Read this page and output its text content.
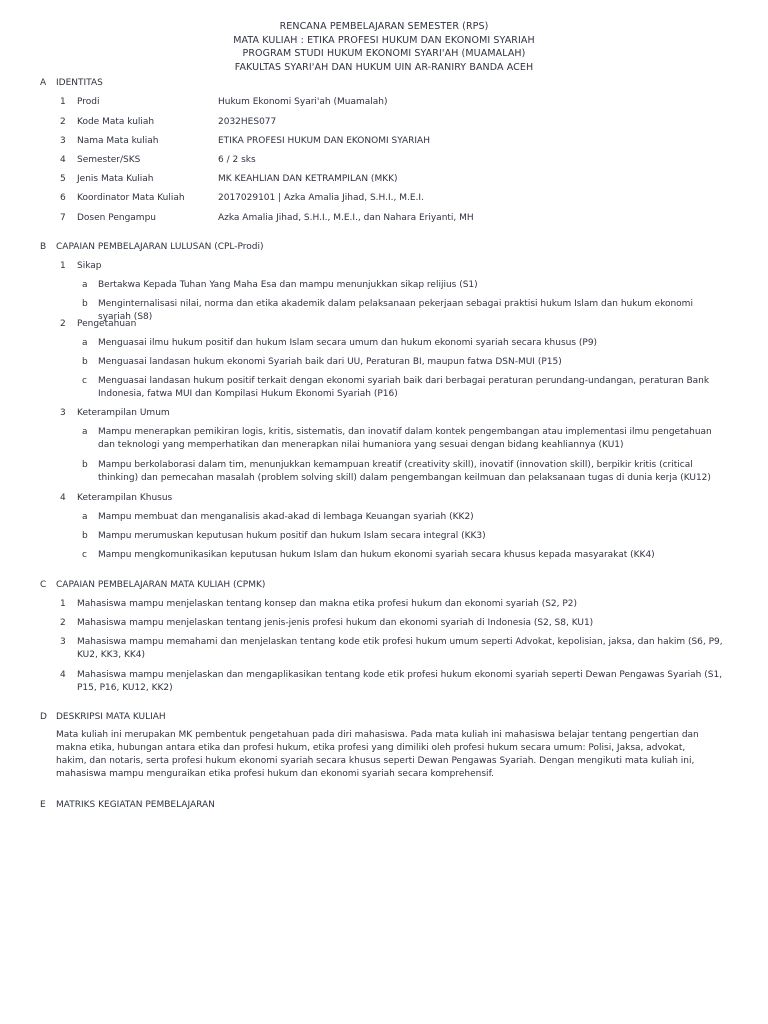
RENCANA PEMBELAJARAN SEMESTER (RPS)
MATA KULIAH : ETIKA PROFESI HUKUM DAN EKONOMI SYARIAH
PROGRAM STUDI HUKUM EKONOMI SYARI'AH (MUAMALAH)
FAKULTAS SYARI'AH DAN HUKUM UIN AR-RANIRY BANDA ACEH
A	IDENTITAS
1	Prodi	Hukum Ekonomi Syari'ah (Muamalah)
2	Kode Mata kuliah	2032HES077
3	Nama Mata kuliah	ETIKA PROFESI HUKUM DAN EKONOMI SYARIAH
4	Semester/SKS	6 / 2 sks
5	Jenis Mata Kuliah	MK KEAHLIAN DAN KETRAMPILAN (MKK)
6	Koordinator Mata Kuliah	2017029101 | Azka Amalia Jihad, S.H.I., M.E.I.
7	Dosen Pengampu	Azka Amalia Jihad, S.H.I., M.E.I., dan Nahara Eriyanti, MH
B	CAPAIAN PEMBELAJARAN LULUSAN (CPL-Prodi)
1	Sikap
a	Bertakwa Kepada Tuhan Yang Maha Esa dan mampu menunjukkan sikap relijius (S1)
b	Menginternalisasi nilai, norma dan etika akademik dalam pelaksanaan pekerjaan sebagai praktisi hukum Islam dan hukum ekonomi syariah (S8)
2	Pengetahuan
a	Menguasai ilmu hukum positif dan hukum Islam secara umum dan hukum ekonomi syariah secara khusus (P9)
b	Menguasai landasan hukum ekonomi Syariah baik dari UU, Peraturan BI, maupun fatwa DSN-MUI (P15)
c	Menguasai landasan hukum positif terkait dengan ekonomi syariah baik dari berbagai peraturan perundang-undangan, peraturan Bank Indonesia, fatwa MUI dan Kompilasi Hukum Ekonomi Syariah (P16)
3	Keterampilan Umum
a	Mampu menerapkan pemikiran logis, kritis, sistematis, dan inovatif dalam kontek pengembangan atau implementasi ilmu pengetahuan dan teknologi yang memperhatikan dan menerapkan nilai humaniora yang sesuai dengan bidang keahliannya (KU1)
b	Mampu berkolaborasi dalam tim, menunjukkan kemampuan kreatif (creativity skill), inovatif (innovation skill), berpikir kritis (critical thinking) dan pemecahan masalah (problem solving skill) dalam pengembangan keilmuan dan pelaksanaan tugas di dunia kerja (KU12)
4	Keterampilan Khusus
a	Mampu membuat dan menganalisis akad-akad di lembaga Keuangan syariah (KK2)
b	Mampu merumuskan keputusan hukum positif dan hukum Islam secara integral (KK3)
c	Mampu mengkomunikasikan keputusan hukum Islam dan hukum ekonomi syariah secara khusus kepada masyarakat (KK4)
C	CAPAIAN PEMBELAJARAN MATA KULIAH (CPMK)
1	Mahasiswa mampu menjelaskan tentang konsep dan makna etika profesi hukum dan ekonomi syariah (S2, P2)
2	Mahasiswa mampu menjelaskan tentang jenis-jenis profesi hukum dan ekonomi syariah di Indonesia (S2, S8, KU1)
3	Mahasiswa mampu memahami dan menjelaskan tentang kode etik profesi hukum umum seperti Advokat, kepolisian, jaksa, dan hakim (S6, P9, KU2, KK3, KK4)
4	Mahasiswa mampu menjelaskan dan mengaplikasikan tentang kode etik profesi hukum ekonomi syariah seperti Dewan Pengawas Syariah (S1, P15, P16, KU12, KK2)
D	DESKRIPSI MATA KULIAH
Mata kuliah ini merupakan MK pembentuk pengetahuan pada diri mahasiswa. Pada mata kuliah ini mahasiswa belajar tentang pengertian dan makna etika, hubungan antara etika dan profesi hukum, etika profesi yang dimiliki oleh profesi hukum secara umum: Polisi, Jaksa, advokat, hakim, dan notaris, serta profesi hukum ekonomi syariah secara khusus seperti Dewan Pengawas Syariah. Dengan mengikuti mata kuliah ini, mahasiswa mampu menguraikan etika profesi hukum dan ekonomi syariah secara komprehensif.
E	MATRIKS KEGIATAN PEMBELAJARAN
